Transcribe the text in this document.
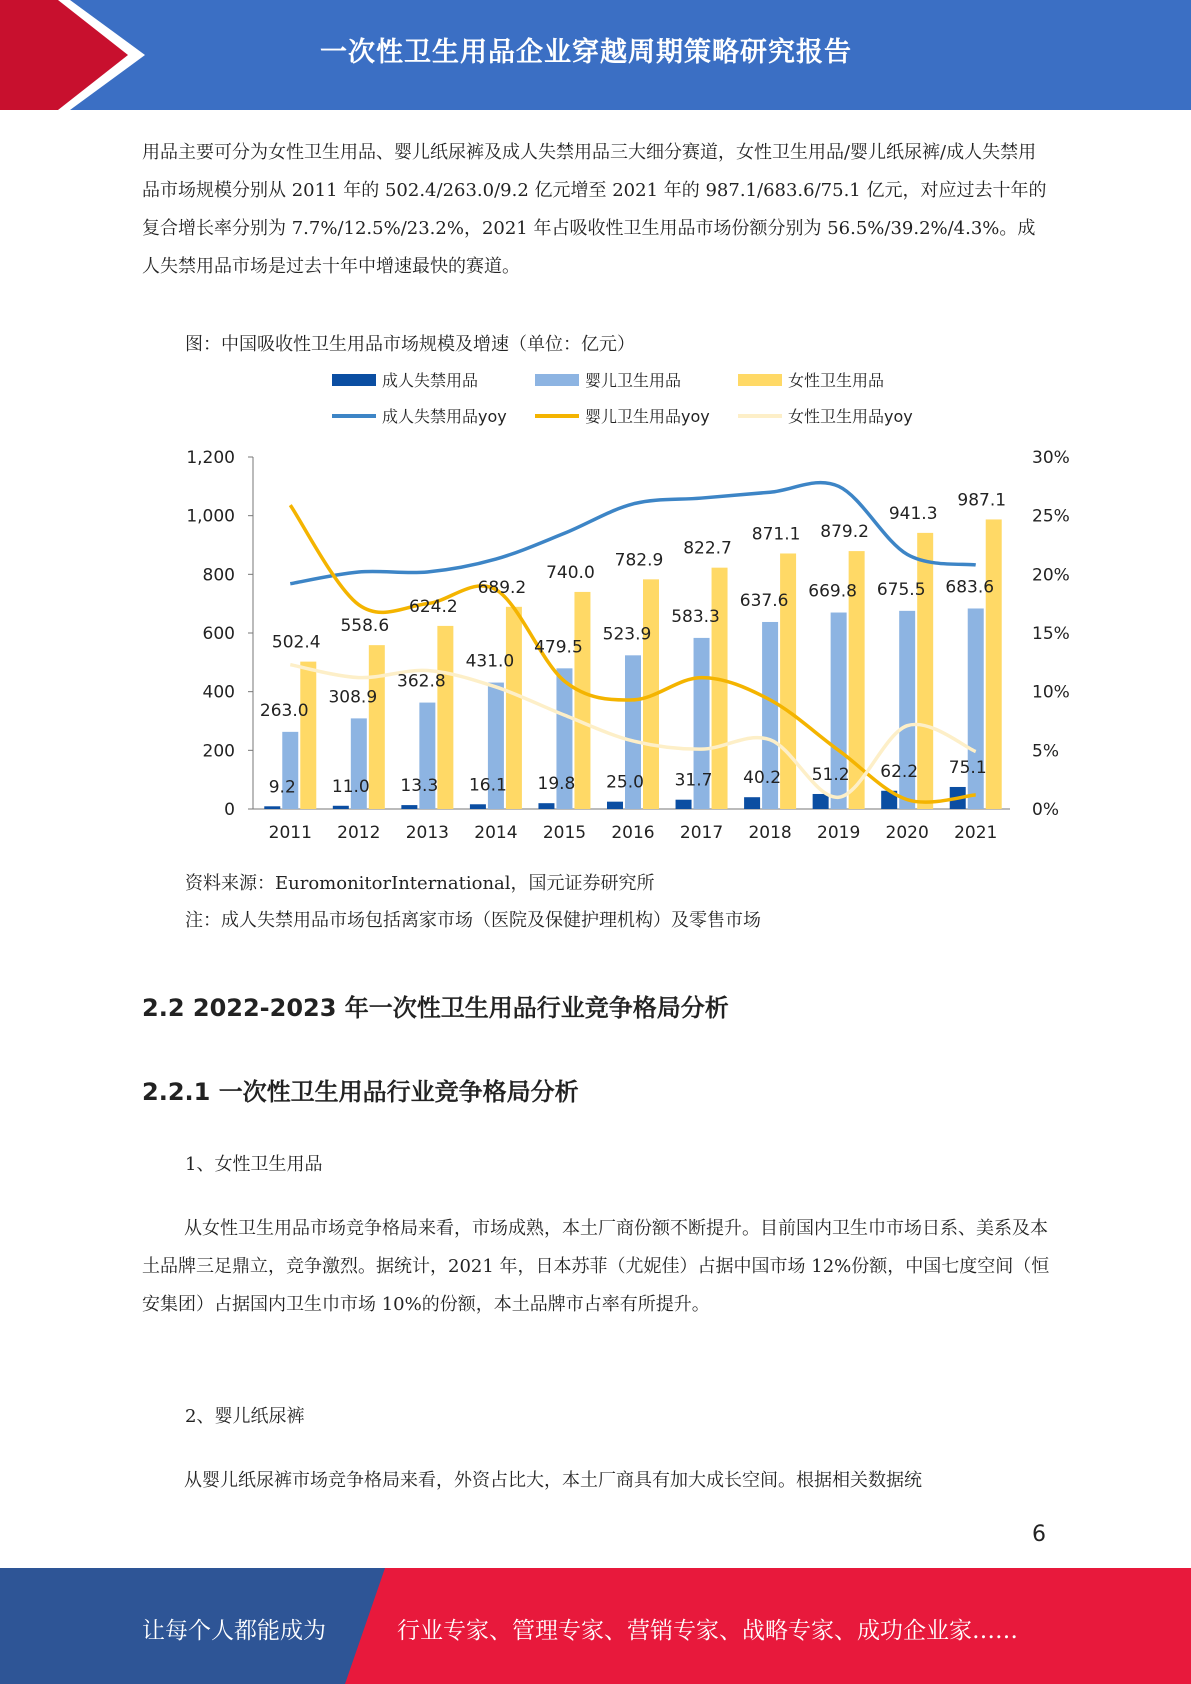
一次性卫生用品企业穿越周期策略研究报告

用品主要可分为女性卫生用品、婴儿纸尿裤及成人失禁用品三大细分赛道，女性卫生用品/婴儿纸尿裤/成人失禁用品市场规模分别从 2011 年的 502.4/263.0/9.2 亿元增至 2021 年的 987.1/683.6/75.1 亿元，对应过去十年的复合增长率分别为 7.7%/12.5%/23.2%，2021 年占吸收性卫生用品市场份额分别为 56.5%/39.2%/4.3%。成人失禁用品市场是过去十年中增速最快的赛道。

图：中国吸收性卫生用品市场规模及增速（单位：亿元）

0
200
400
600
800
1,000
1,200
0%
5%
10%
15%
20%
25%
30%
2011 2012 2013 2014 2015 2016 2017 2018 2019 2020 2021
9.2 11.0 13.3 16.1 19.8 25.0 31.7 40.2 51.2 62.2 75.1
263.0
308.9
362.8
431.0
479.5
523.9
583.3
637.6 669.8 675.5 683.6
502.4
558.6
624.2
689.2
740.0
782.9
822.7
871.1 879.2
941.3
987.1
成人失禁用品	婴儿卫生用品	女性卫生用品
成人失禁用品yoy	婴儿卫生用品yoy	女性卫生用品yoy

资料来源：EuromonitorInternational，国元证券研究所

注：成人失禁用品市场包括离家市场（医院及保健护理机构）及零售市场

2.2 2022-2023 年一次性卫生用品行业竞争格局分析

2.2.1 一次性卫生用品行业竞争格局分析

1、女性卫生用品

从女性卫生用品市场竞争格局来看，市场成熟，本土厂商份额不断提升。目前国内卫生巾市场日系、美系及本土品牌三足鼎立，竞争激烈。据统计，2021 年，日本苏菲（尤妮佳）占据中国市场 12%份额，中国七度空间（恒安集团）占据国内卫生巾市场 10%的份额，本土品牌市占率有所提升。

2、婴儿纸尿裤

从婴儿纸尿裤市场竞争格局来看，外资占比大，本土厂商具有加大成长空间。根据相关数据统

6
让每个人都能成为	行业专家、管理专家、营销专家、战略专家、成功企业家……
